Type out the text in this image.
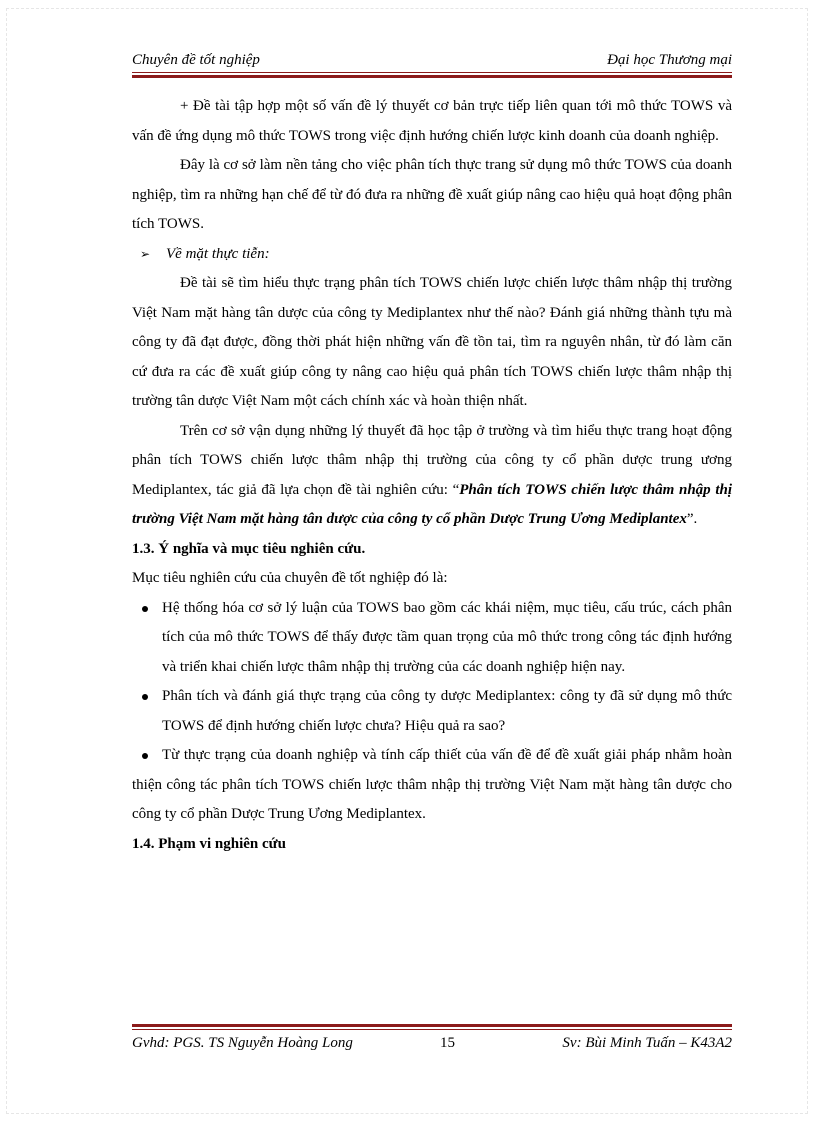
Chuyên đề tốt nghiệp	Đại học Thương mại

+ Đề tài tập hợp một số vấn đề lý thuyết cơ bản trực tiếp liên quan tới mô thức TOWS và vấn đề ứng dụng mô thức TOWS trong việc định hướng chiến lược kinh doanh của doanh nghiệp.

Đây là cơ sở làm nền tảng cho việc phân tích thực trang sử dụng mô thức TOWS của doanh nghiệp, tìm ra những hạn chế để từ đó đưa ra những đề xuất giúp nâng cao hiệu quả hoạt động phân tích TOWS.

➢	Về mặt thực tiễn:

Đề tài sẽ tìm hiểu thực trạng phân tích TOWS chiến lược chiến lược thâm nhập thị trường Việt Nam mặt hàng tân dược của công ty Mediplantex như thế nào? Đánh giá những thành tựu mà công ty đã đạt được, đồng thời phát hiện những vấn đề tồn tai, tìm ra nguyên nhân, từ đó làm căn cứ đưa ra các đề xuất giúp công ty nâng cao hiệu quả phân tích TOWS chiến lược thâm nhập thị trường tân dược Việt Nam một cách chính xác và hoàn thiện nhất.

Trên cơ sở vận dụng những lý thuyết đã học tập ở trường và tìm hiểu thực trang hoạt động phân tích TOWS chiến lược thâm nhập thị trường của công ty cổ phần dược trung ương Mediplantex, tác giả đã lựa chọn đề tài nghiên cứu: “Phân tích TOWS chiến lược thâm nhập thị trường Việt Nam mặt hàng tân dược của công ty cổ phần Dược Trung Ương Mediplantex”.

1.3. Ý nghĩa và mục tiêu nghiên cứu.

Mục tiêu nghiên cứu của chuyên đề tốt nghiệp đó là:

Hệ thống hóa cơ sở lý luận của TOWS bao gồm các khái niệm, mục tiêu, cấu trúc, cách phân tích của mô thức TOWS để thấy được tầm quan trọng của mô thức trong công tác định hướng và triển khai chiến lược thâm nhập thị trường của các doanh nghiệp hiện nay.
Phân tích và đánh giá thực trạng của công ty dược Mediplantex: công ty đã sử dụng mô thức TOWS để định hướng chiến lược chưa? Hiệu quả ra sao?
Từ thực trạng của doanh nghiệp và tính cấp thiết của vấn đề để đề xuất giải pháp nhằm hoàn thiện công tác phân tích TOWS chiến lược thâm nhập thị trường Việt Nam mặt hàng tân dược cho công ty cổ phần Dược Trung Ương Mediplantex.

1.4. Phạm vi nghiên cứu

Gvhd: PGS. TS Nguyễn Hoàng Long	15	Sv: Bùi Minh Tuấn – K43A2
